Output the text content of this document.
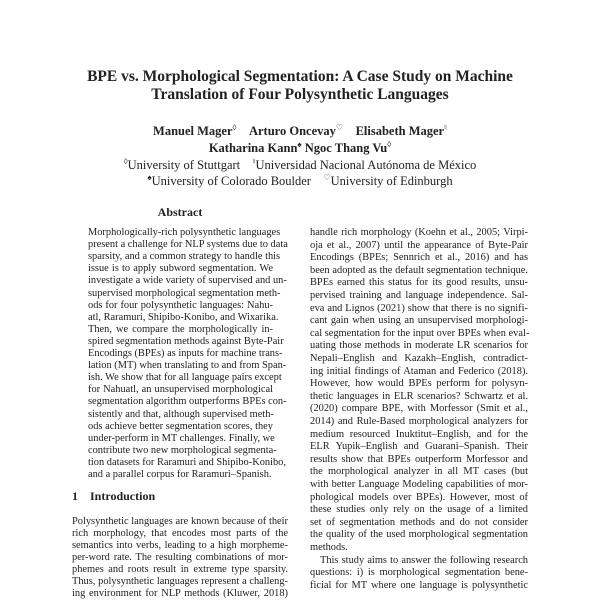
BPE vs. Morphological Segmentation: A Case Study on Machine
Translation of Four Polysynthetic Languages
Manuel Mager◊ Arturo Oncevay♡ Elisabeth Mager♮
Katharina Kann♠ Ngoc Thang Vu◊
◊University of Stuttgart ♮Universidad Nacional Autónoma de México
♠University of Colorado Boulder ♡University of Edinburgh
Abstract
Morphologically-rich polysynthetic languages
present a challenge for NLP systems due to data
sparsity, and a common strategy to handle this
issue is to apply subword segmentation. We
investigate a wide variety of supervised and un-
supervised morphological segmentation meth-
ods for four polysynthetic languages: Nahu-
atl, Raramuri, Shipibo-Konibo, and Wixarika.
Then, we compare the morphologically in-
spired segmentation methods against Byte-Pair
Encodings (BPEs) as inputs for machine trans-
lation (MT) when translating to and from Span-
ish. We show that for all language pairs except
for Nahuatl, an unsupervised morphological
segmentation algorithm outperforms BPEs con-
sistently and that, although supervised meth-
ods achieve better segmentation scores, they
under-perform in MT challenges. Finally, we
contribute two new morphological segmenta-
tion datasets for Raramuri and Shipibo-Konibo,
and a parallel corpus for Raramuri–Spanish.
1 Introduction
Polysynthetic languages are known because of their
rich morphology, that encodes most parts of the
semantics into verbs, leading to a high morpheme-
per-word rate. The resulting combinations of mor-
phemes and roots result in extreme type sparsity.
Thus, polysynthetic languages represent a challeng-
ing environment for NLP methods (Kluwer, 2018)
handle rich morphology (Koehn et al., 2005; Virpi-
oja et al., 2007) until the appearance of Byte-Pair
Encodings (BPEs; Sennrich et al., 2016) and has
been adopted as the default segmentation technique.
BPEs earned this status for its good results, unsu-
pervised training and language independence. Sal-
eva and Lignos (2021) show that there is no signifi-
cant gain when using an unsupervised morphologi-
cal segmentation for the input over BPEs when eval-
uating those methods in moderate LR scenarios for
Nepali–English and Kazakh–English, contradict-
ing initial findings of Ataman and Federico (2018).
However, how would BPEs perform for polysyn-
thetic languages in ELR scenarios? Schwartz et al.
(2020) compare BPE, with Morfessor (Smit et al.,
2014) and Rule-Based morphological analyzers for
medium resourced Inuktitut–English, and for the
ELR Yupik–English and Guarani–Spanish. Their
results show that BPEs outperform Morfessor and
the morphological analyzer in all MT cases (but
with better Language Modeling capabilities of mor-
phological models over BPEs). However, most of
these studies only rely on the usage of a limited
set of segmentation methods and do not consider
the quality of the used morphological segmentation
methods.
This study aims to answer the following research
questions: i) is morphological segmentation bene-
ficial for MT where one language is polysynthetic
